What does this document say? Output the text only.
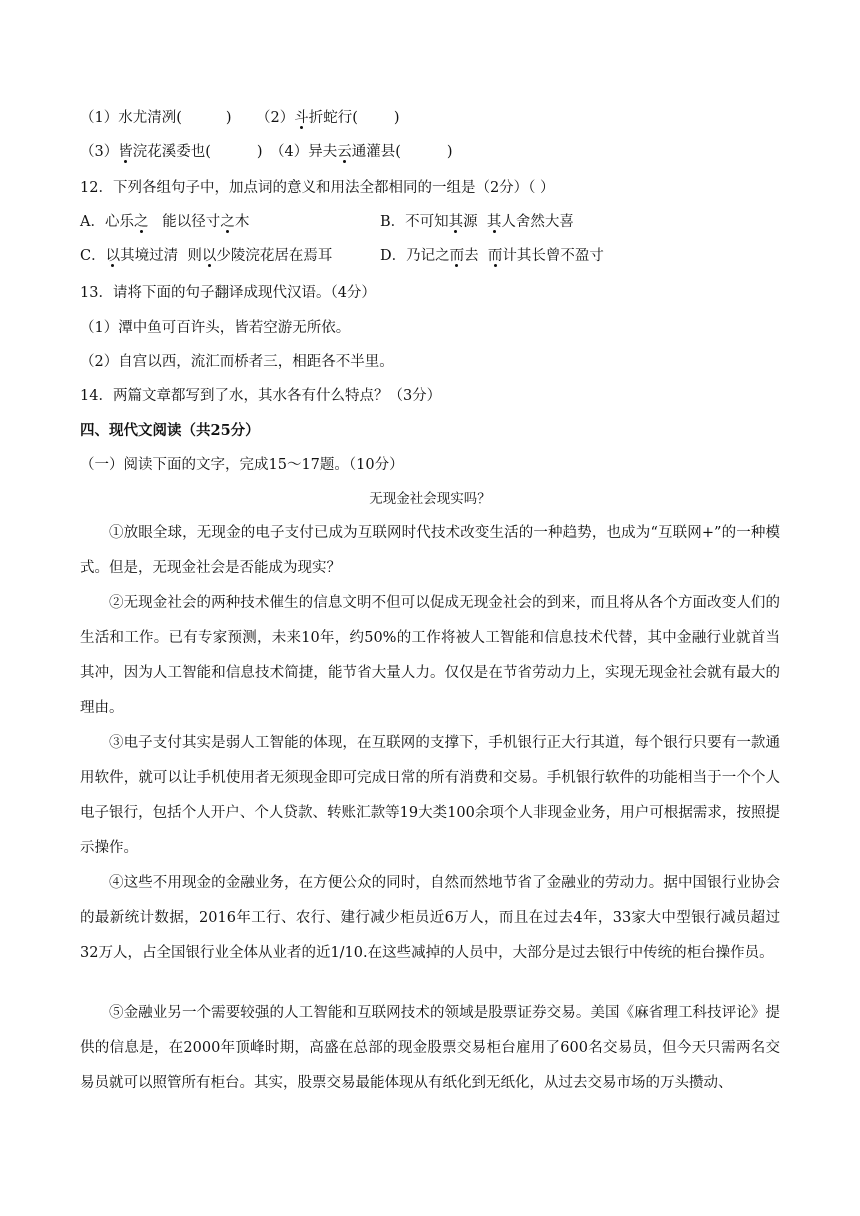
（1）水尤清冽(	) （2）斗折蛇行( )
（3）皆浣花溪委也(	) （4）异夫云通灌县(	)
12．下列各组句子中，加点词的意义和用法全都相同的一组是（2分）（ ）
A．心乐之   能以径寸之木	B．不可知其源  其人舍然大喜
C．以其境过清  则以少陵浣花居在焉耳	D．乃记之而去  而计其长曾不盈寸
13．请将下面的句子翻译成现代汉语。（4分）
（1）潭中鱼可百许头，皆若空游无所依。
（2）自宫以西，流汇而桥者三，相距各不半里。
14．两篇文章都写到了水，其水各有什么特点？（3分）
四、现代文阅读（共25分）
（一）阅读下面的文字，完成15～17题。（10分）
无现金社会现实吗？

①放眼全球，无现金的电子支付已成为互联网时代技术改变生活的一种趋势，也成为“互联网+”的一种模式。但是，无现金社会是否能成为现实？

②无现金社会的两种技术催生的信息文明不但可以促成无现金社会的到来，而且将从各个方面改变人们的生活和工作。已有专家预测，未来10年，约50%的工作将被人工智能和信息技术代替，其中金融行业就首当其冲，因为人工智能和信息技术简捷，能节省大量人力。仅仅是在节省劳动力上，实现无现金社会就有最大的理由。

③电子支付其实是弱人工智能的体现，在互联网的支撑下，手机银行正大行其道，每个银行只要有一款通用软件，就可以让手机使用者无须现金即可完成日常的所有消费和交易。手机银行软件的功能相当于一个个人电子银行，包括个人开户、个人贷款、转账汇款等19大类100余项个人非现金业务，用户可根据需求，按照提示操作。

④这些不用现金的金融业务，在方便公众的同时，自然而然地节省了金融业的劳动力。据中国银行业协会的最新统计数据，2016年工行、农行、建行减少柜员近6万人，而且在过去4年，33家大中型银行减员超过32万人，占全国银行业全体从业者的近1/10.在这些减掉的人员中，大部分是过去银行中传统的柜台操作员。

⑤金融业另一个需要较强的人工智能和互联网技术的领域是股票证券交易。美国《麻省理工科技评论》提供的信息是，在2000年顶峰时期，高盛在总部的现金股票交易柜台雇用了600名交易员，但今天只需两名交易员就可以照管所有柜台。其实，股票交易最能体现从有纸化到无纸化，从过去交易市场的万头攒动、
